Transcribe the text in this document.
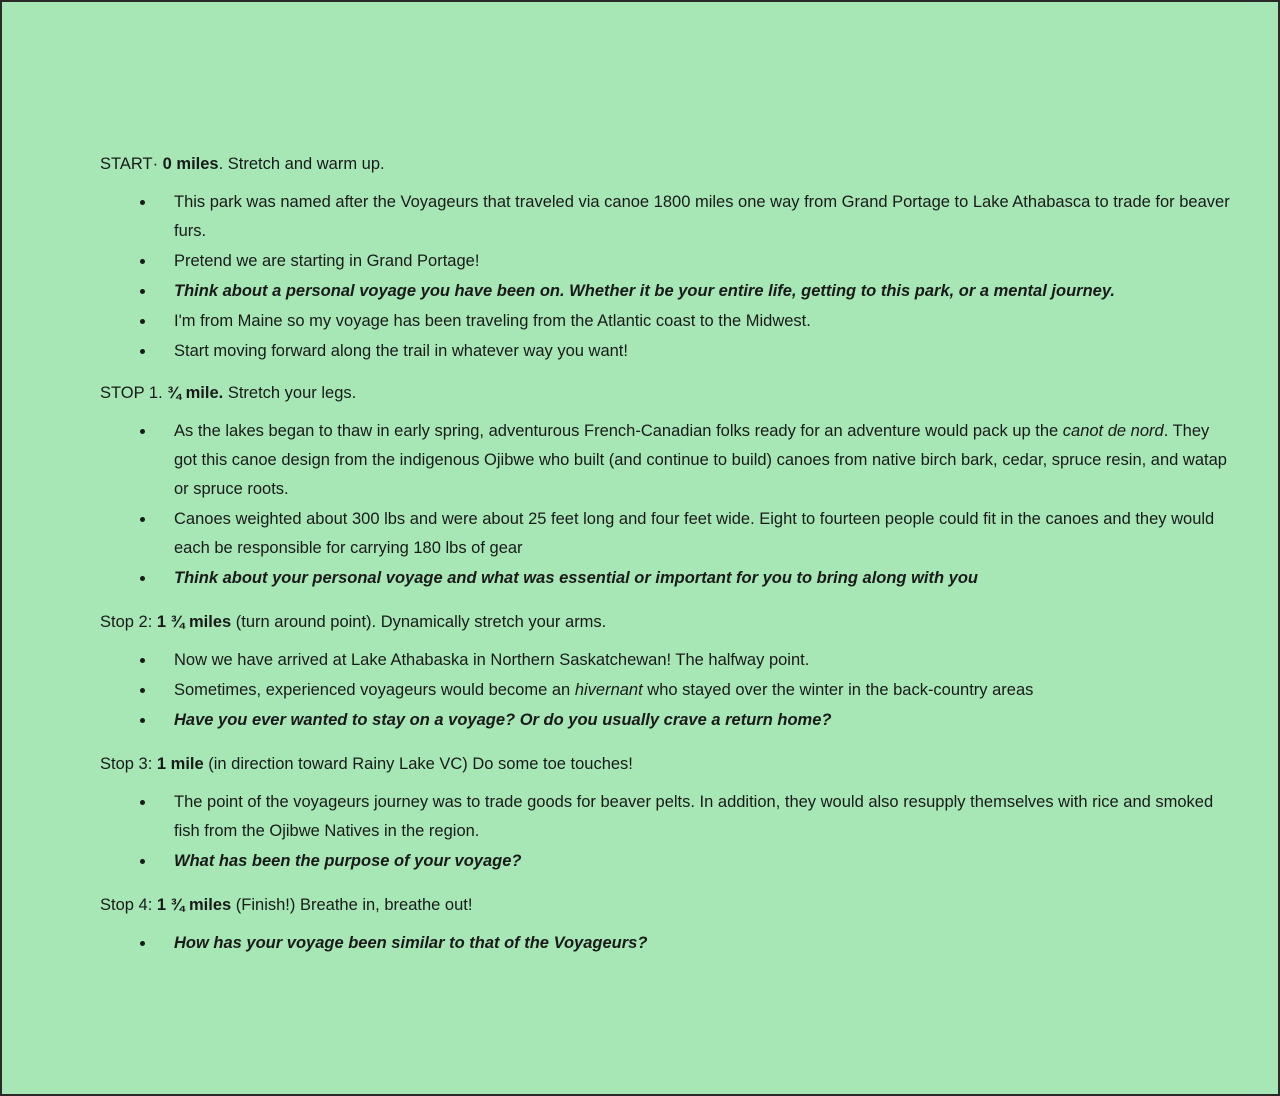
START· 0 miles. Stretch and warm up.

This park was named after the Voyageurs that traveled via canoe 1800 miles one way from Grand Portage to Lake Athabasca to trade for beaver furs.
Pretend we are starting in Grand Portage!
Think about a personal voyage you have been on. Whether it be your entire life, getting to this park, or a mental journey.
I'm from Maine so my voyage has been traveling from the Atlantic coast to the Midwest.
Start moving forward along the trail in whatever way you want!

STOP 1. ¾ mile. Stretch your legs.

As the lakes began to thaw in early spring, adventurous French-Canadian folks ready for an adventure would pack up the canot de nord. They got this canoe design from the indigenous Ojibwe who built (and continue to build) canoes from native birch bark, cedar, spruce resin, and watap or spruce roots.
Canoes weighted about 300 lbs and were about 25 feet long and four feet wide. Eight to fourteen people could fit in the canoes and they would each be responsible for carrying 180 lbs of gear
Think about your personal voyage and what was essential or important for you to bring along with you

Stop 2: 1 ¾ miles (turn around point). Dynamically stretch your arms.

Now we have arrived at Lake Athabaska in Northern Saskatchewan! The halfway point.
Sometimes, experienced voyageurs would become an hivernant who stayed over the winter in the back-country areas
Have you ever wanted to stay on a voyage? Or do you usually crave a return home?

Stop 3: 1 mile (in direction toward Rainy Lake VC) Do some toe touches!

The point of the voyageurs journey was to trade goods for beaver pelts. In addition, they would also resupply themselves with rice and smoked fish from the Ojibwe Natives in the region.
What has been the purpose of your voyage?

Stop 4: 1 ¾ miles (Finish!) Breathe in, breathe out!

How has your voyage been similar to that of the Voyageurs?
